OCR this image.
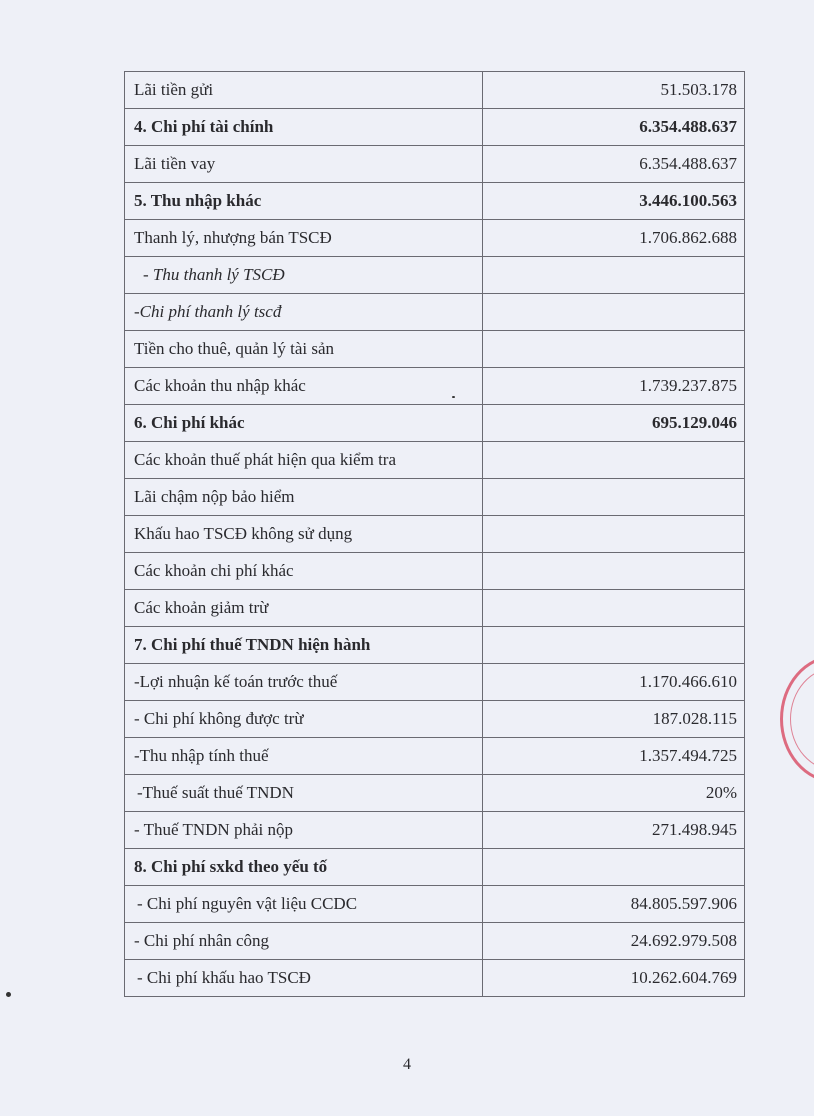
Lãi tiền gửi	51.503.178
4. Chi phí tài chính	6.354.488.637
Lãi tiền vay	6.354.488.637
5. Thu nhập khác	3.446.100.563
Thanh lý, nhượng bán TSCĐ	1.706.862.688
- Thu thanh lý TSCĐ	
-Chi phí thanh lý tscđ	
Tiền cho thuê, quản lý tài sản	
Các khoản thu nhập khác	1.739.237.875
6. Chi phí khác	695.129.046
Các khoản thuế phát hiện qua kiểm tra	
Lãi chậm nộp bảo hiểm	
Khấu hao TSCĐ không sử dụng	
Các khoản chi phí khác	
Các khoản giảm trừ	
7. Chi phí thuế TNDN hiện hành	
-Lợi nhuận kế toán trước thuế	1.170.466.610
- Chi phí không được trừ	187.028.115
-Thu nhập tính thuế	1.357.494.725
-Thuế suất thuế TNDN	20%
- Thuế TNDN phải nộp	271.498.945
8. Chi phí sxkd theo yếu tố	
- Chi phí nguyên vật liệu CCDC	84.805.597.906
- Chi phí nhân công	24.692.979.508
- Chi phí khấu hao TSCĐ	10.262.604.769
4
